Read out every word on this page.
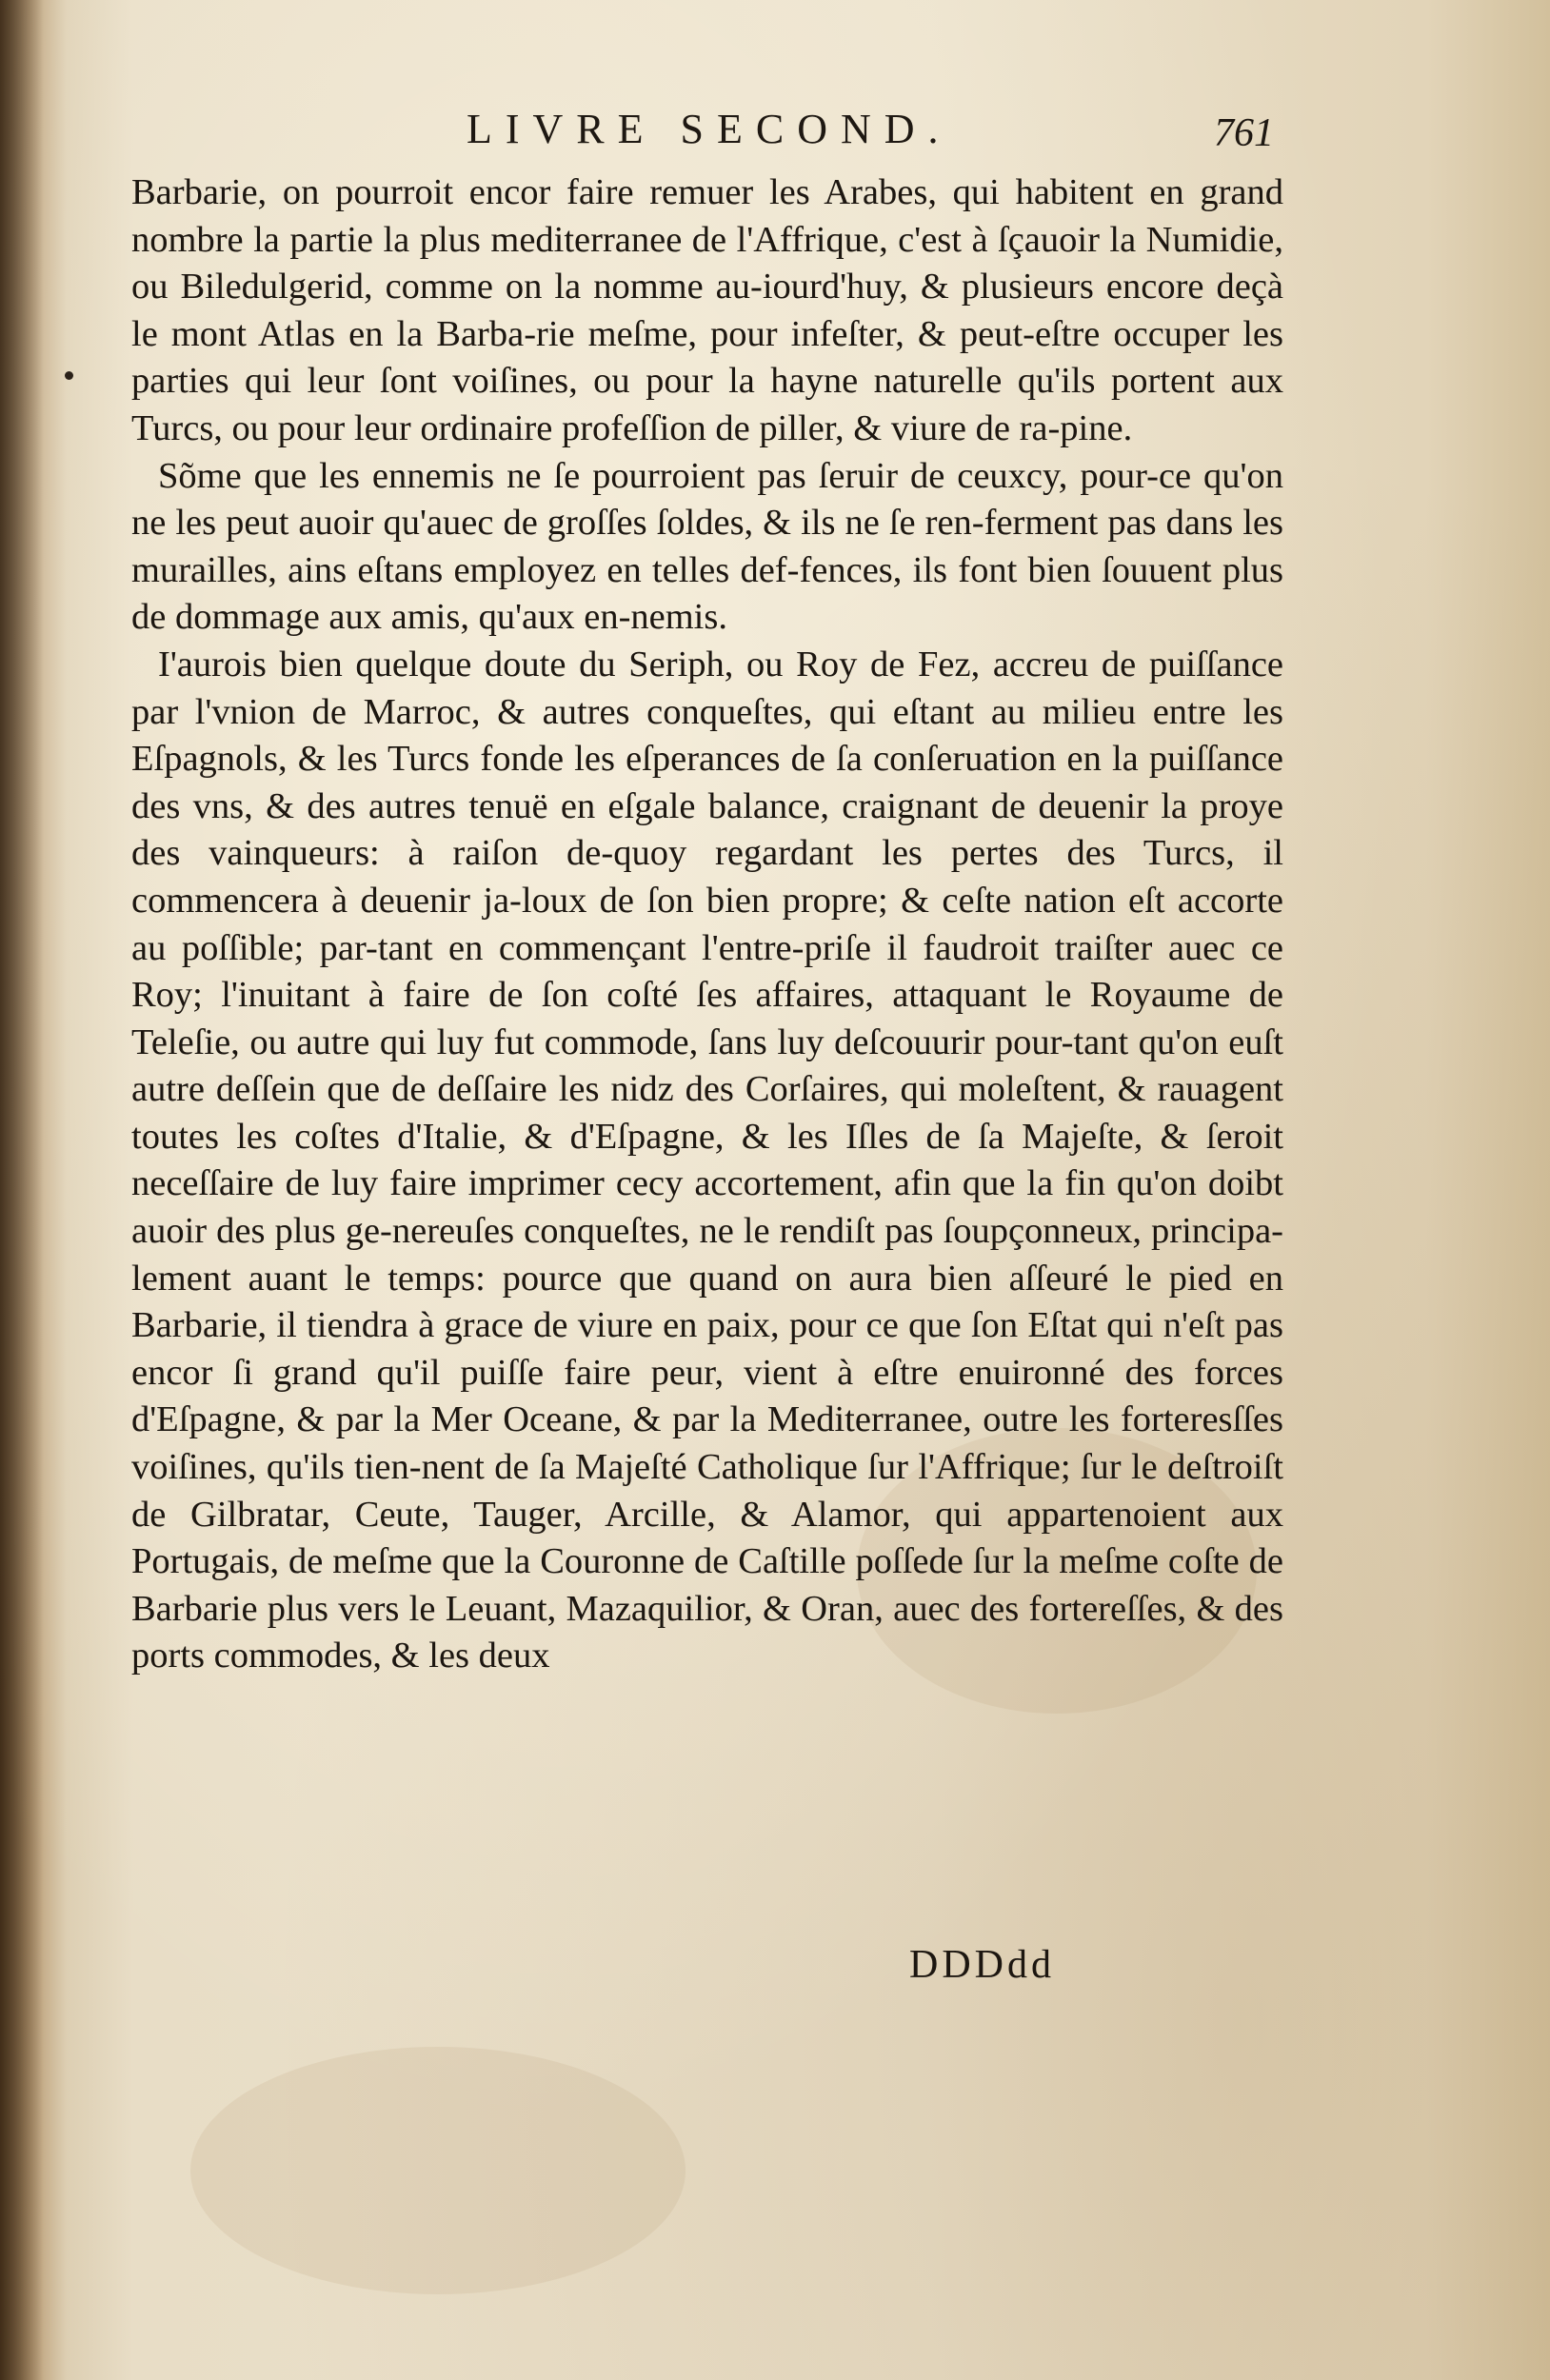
LIVRE SECOND.	761

Barbarie, on pourroit encor faire remuer les Arabes, qui habitent en grand nombre la partie la plus mediterranee de l'Affrique, c'est à ſçauoir la Numidie, ou Biledulgerid, comme on la nomme au-iourd'huy, & plusieurs encore deçà le mont Atlas en la Barba-rie meſme, pour infeſter, & peut-eſtre occuper les parties qui leur ſont voiſines, ou pour la hayne naturelle qu'ils portent aux Turcs, ou pour leur ordinaire profeſſion de piller, & viure de ra-pine.

Sõme que les ennemis ne ſe pourroient pas ſeruir de ceuxcy, pour-ce qu'on ne les peut auoir qu'auec de groſſes ſoldes, & ils ne ſe ren-ferment pas dans les murailles, ains eſtans employez en telles def-fences, ils font bien ſouuent plus de dommage aux amis, qu'aux en-nemis.

I'aurois bien quelque doute du Seriph, ou Roy de Fez, accreu de puiſſance par l'vnion de Marroc, & autres conqueſtes, qui eſtant au milieu entre les Eſpagnols, & les Turcs fonde les eſperances de ſa conſeruation en la puiſſance des vns, & des autres tenuë en eſgale balance, craignant de deuenir la proye des vainqueurs: à raiſon de-quoy regardant les pertes des Turcs, il commencera à deuenir ja-loux de ſon bien propre; & ceſte nation eſt accorte au poſſible; par-tant en commençant l'entre-priſe il faudroit traiſter auec ce Roy; l'inuitant à faire de ſon coſté ſes affaires, attaquant le Royaume de Teleſie, ou autre qui luy fut commode, ſans luy deſcouurir pour-tant qu'on euſt autre deſſein que de deſſaire les nidz des Corſaires, qui moleſtent, & rauagent toutes les coſtes d'Italie, & d'Eſpagne, & les Iſles de ſa Majeſte, & ſeroit neceſſaire de luy faire imprimer cecy accortement, afin que la fin qu'on doibt auoir des plus ge-nereuſes conqueſtes, ne le rendiſt pas ſoupçonneux, principa-lement auant le temps: pource que quand on aura bien aſſeuré le pied en Barbarie, il tiendra à grace de viure en paix, pour ce que ſon Eſtat qui n'eſt pas encor ſi grand qu'il puiſſe faire peur, vient à eſtre enuironné des forces d'Eſpagne, & par la Mer Oceane, & par la Mediterranee, outre les forteresſſes voiſines, qu'ils tien-nent de ſa Majeſté Catholique ſur l'Affrique; ſur le deſtroiſt de Gilbratar, Ceute, Tauger, Arcille, & Alamor, qui appartenoient aux Portugais, de meſme que la Couronne de Caſtille poſſede ſur la meſme coſte de Barbarie plus vers le Leuant, Mazaquilior, & Oran, auec des fortereſſes, & des ports commodes, & les deux

DDDdd
